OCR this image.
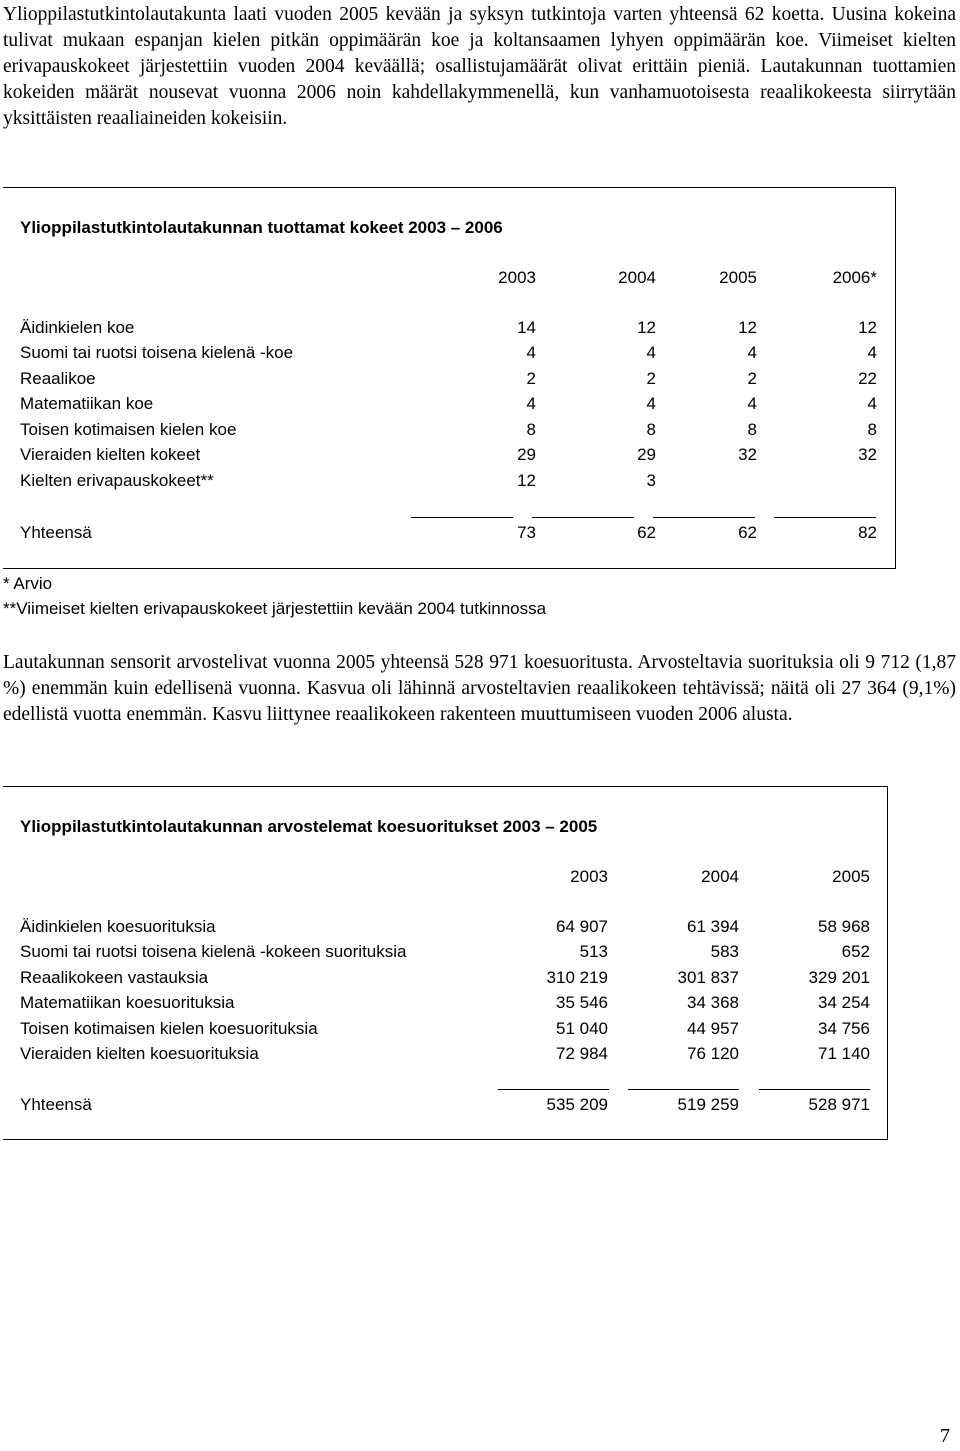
Ylioppilastutkintolautakunta laati vuoden 2005 kevään ja syksyn tutkintoja varten yhteensä 62 koetta. Uusina kokeina tulivat mukaan espanjan kielen pitkän oppimäärän koe ja koltansaamen lyhyen oppimäärän koe. Viimeiset kielten erivapauskokeet järjestettiin vuoden 2004 keväällä; osallistujamäärät olivat erittäin pieniä. Lautakunnan tuottamien kokeiden määrät nousevat vuonna 2006 noin kahdellakymmenellä, kun vanhamuotoisesta reaalikokeesta siirrytään yksittäisten reaaliaineiden kokeisiin.

Ylioppilastutkintolautakunnan tuottamat kokeet 2003 – 2006
2003	2004	2005	2006*
Äidinkielen koe	14	12	12	12
Suomi tai ruotsi toisena kielenä -koe	4	4	4	4
Reaalikoe	2	2	2	22
Matematiikan koe	4	4	4	4
Toisen kotimaisen kielen koe	8	8	8	8
Vieraiden kielten kokeet	29	29	32	32
Kielten erivapauskokeet**	12	3
Yhteensä	73	62	62	82
* Arvio
**Viimeiset kielten erivapauskokeet järjestettiin kevään 2004 tutkinnossa

Lautakunnan sensorit arvostelivat vuonna 2005 yhteensä 528 971 koesuoritusta. Arvosteltavia suorituksia oli 9 712 (1,87 %) enemmän kuin edellisenä vuonna. Kasvua oli lähinnä arvosteltavien reaalikokeen tehtävissä; näitä oli 27 364 (9,1%) edellistä vuotta enemmän. Kasvu liittynee reaalikokeen rakenteen muuttumiseen vuoden 2006 alusta.

Ylioppilastutkintolautakunnan arvostelemat koesuoritukset 2003 – 2005
2003	2004	2005
Äidinkielen koesuorituksia	64 907	61 394	58 968
Suomi tai ruotsi toisena kielenä -kokeen suorituksia	513	583	652
Reaalikokeen vastauksia	310 219	301 837	329 201
Matematiikan koesuorituksia	35 546	34 368	34 254
Toisen kotimaisen kielen koesuorituksia	51 040	44 957	34 756
Vieraiden kielten koesuorituksia	72 984	76 120	71 140
Yhteensä	535 209	519 259	528 971
7
